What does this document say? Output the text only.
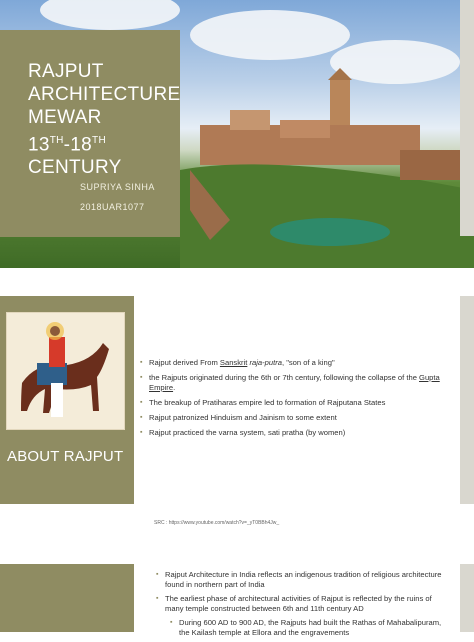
RAJPUT
ARCHITECTURE
MEWAR
13TH-18TH
CENTURY
SUPRIYA SINHA
2018UAR1077
ABOUT RAJPUT
▪ Rajput derived From Sanskrit raja-putra, "son of a king"
▪ the Rajputs originated during the 6th or 7th century, following the collapse of the Gupta Empire.
▪ The breakup of Pratiharas empire led to formation of Rajputana States
▪ Rajput patronized Hinduism and Jainism to some extent
▪ Rajput practiced the varna system, sati pratha (by women)
SRC : https://www.youtube.com/watch?v=_yT0BBh4Jw_
▪ Rajput Architecture in India reflects an indigenous tradition of religious architecture found in northern part of India
▪ The earliest phase of architectural activities of Rajput is reflected by the ruins of many temple constructed between 6th and 11th century AD
▪ During 600 AD to 900 AD, the Rajputs had built the Rathas of Mahabalipuram, the Kailash temple at Ellora and the engravements
